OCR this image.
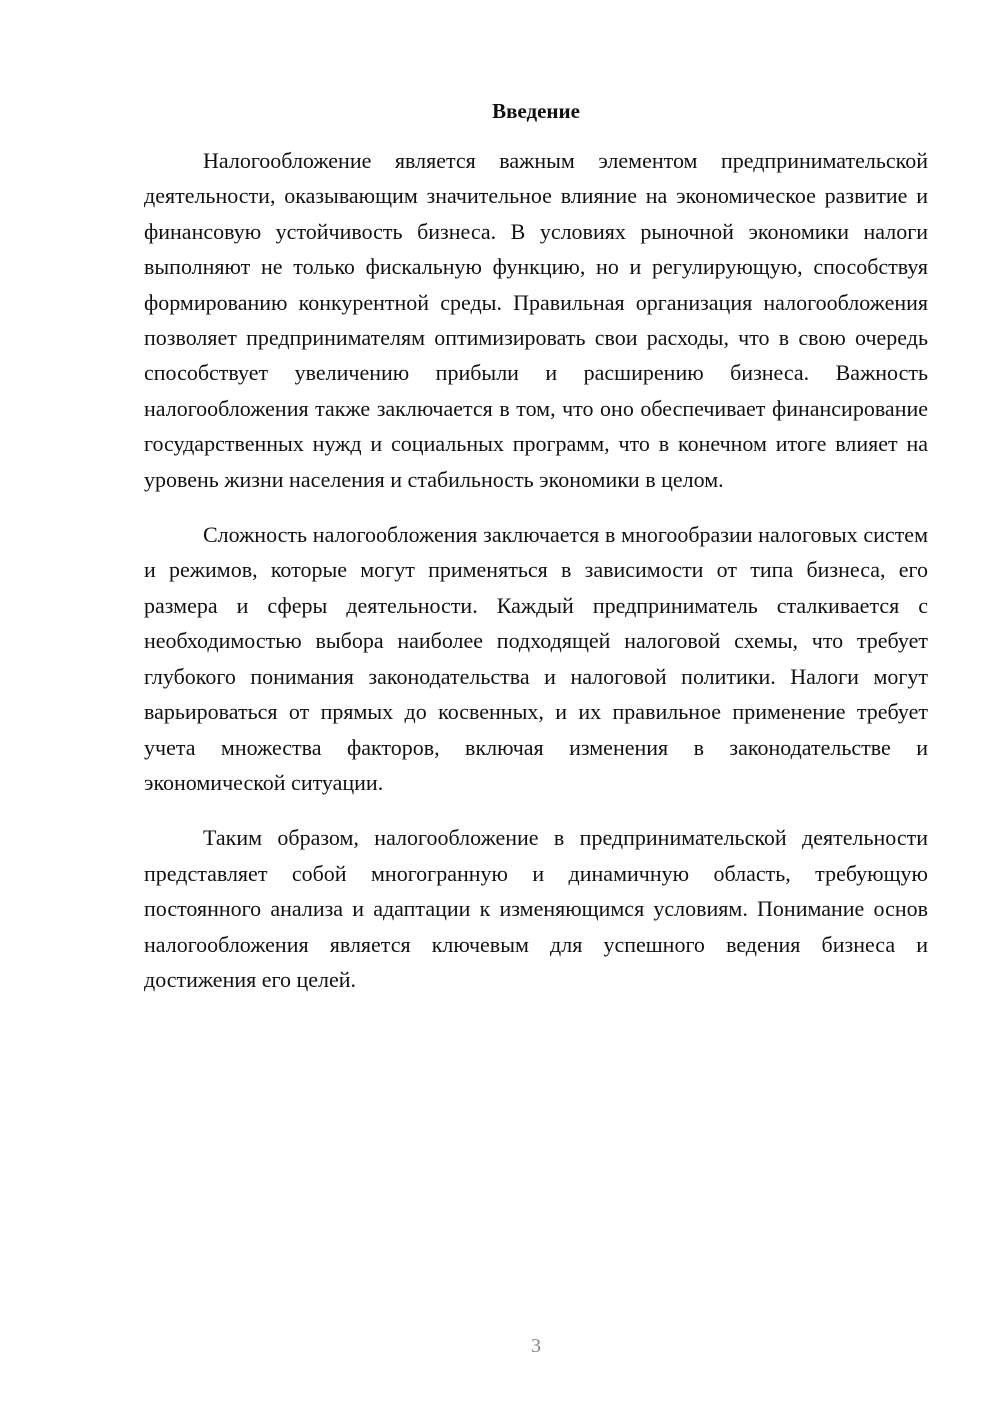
Введение

Налогообложение является важным элементом предпринимательской деятельности, оказывающим значительное влияние на экономическое развитие и финансовую устойчивость бизнеса. В условиях рыночной экономики налоги выполняют не только фискальную функцию, но и регулирующую, способствуя формированию конкурентной среды. Правильная организация налогообложения позволяет предпринимателям оптимизировать свои расходы, что в свою очередь способствует увеличению прибыли и расширению бизнеса. Важность налогообложения также заключается в том, что оно обеспечивает финансирование государственных нужд и социальных программ, что в конечном итоге влияет на уровень жизни населения и стабильность экономики в целом.

Сложность налогообложения заключается в многообразии налоговых систем и режимов, которые могут применяться в зависимости от типа бизнеса, его размера и сферы деятельности. Каждый предприниматель сталкивается с необходимостью выбора наиболее подходящей налоговой схемы, что требует глубокого понимания законодательства и налоговой политики. Налоги могут варьироваться от прямых до косвенных, и их правильное применение требует учета множества факторов, включая изменения в законодательстве и экономической ситуации.

Таким образом, налогообложение в предпринимательской деятельности представляет собой многогранную и динамичную область, требующую постоянного анализа и адаптации к изменяющимся условиям. Понимание основ налогообложения является ключевым для успешного ведения бизнеса и достижения его целей.

3
